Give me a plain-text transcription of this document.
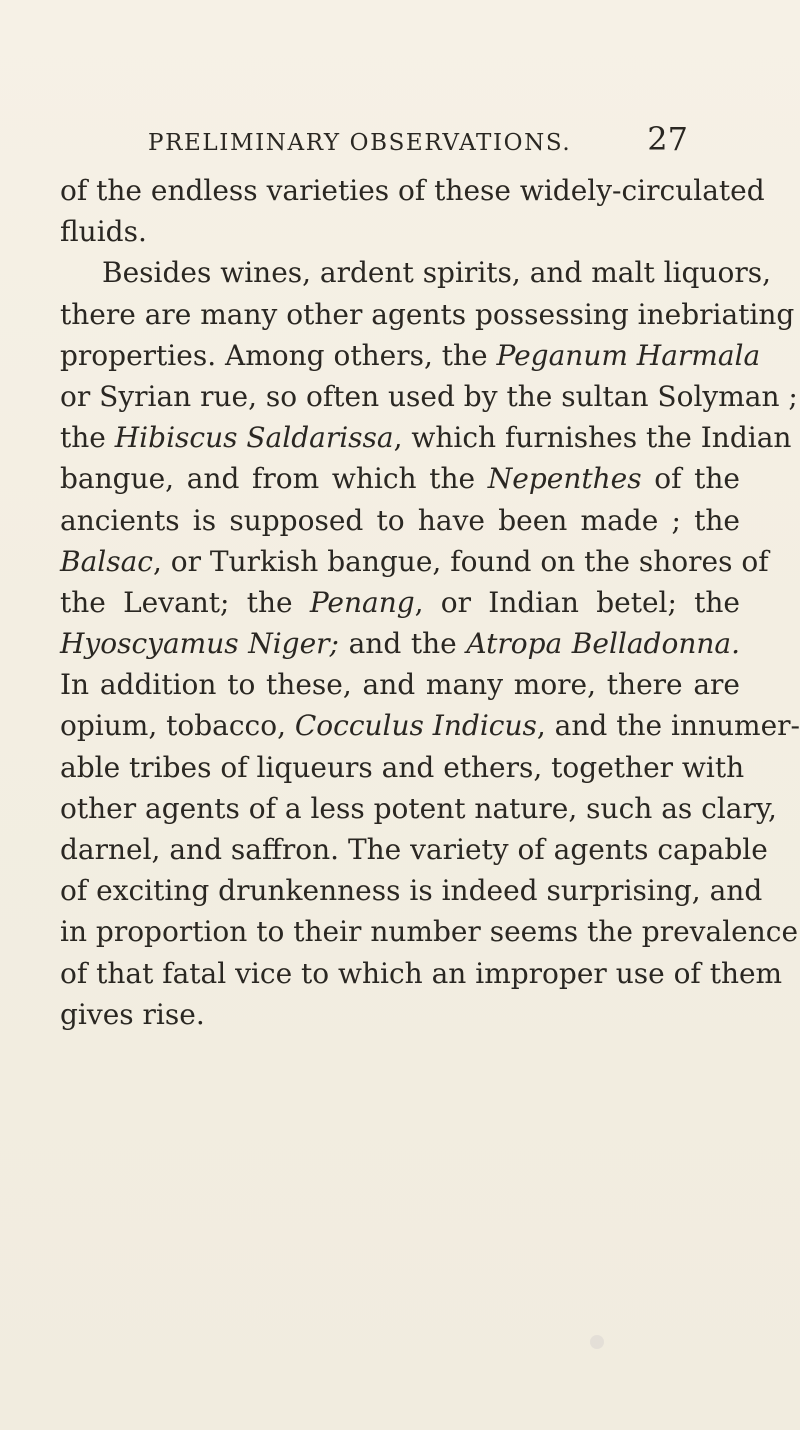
PRELIMINARY OBSERVATIONS. 27
of the endless varieties of these widely-circulated
fluids.
Besides wines, ardent spirits, and malt liquors,
there are many other agents possessing inebriating
properties. Among others, the Peganum Harmala
or Syrian rue, so often used by the sultan Solyman ;
the Hibiscus Saldarissa, which furnishes the Indian
bangue, and from which the Nepenthes of the
ancients is supposed to have been made ; the
Balsac, or Turkish bangue, found on the shores of
the Levant; the Penang, or Indian betel; the
Hyoscyamus Niger; and the Atropa Belladonna.
In addition to these, and many more, there are
opium, tobacco, Cocculus Indicus, and the innumer-
able tribes of liqueurs and ethers, together with
other agents of a less potent nature, such as clary,
darnel, and saffron. The variety of agents capable
of exciting drunkenness is indeed surprising, and
in proportion to their number seems the prevalence
of that fatal vice to which an improper use of them
gives rise.
